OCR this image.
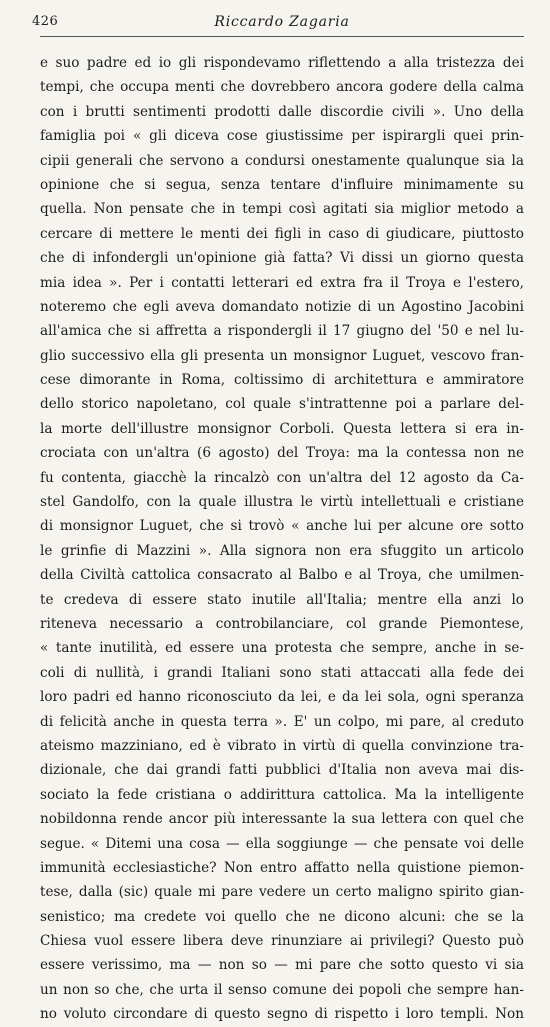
426	Riccardo Zagaria
e suo padre ed io gli rispondevamo riflettendo a alla tristezza dei
tempi, che occupa menti che dovrebbero ancora godere della calma
con i brutti sentimenti prodotti dalle discordie civili ». Uno della
famiglia poi « gli diceva cose giustissime per ispirargli quei prin-
cipii generali che servono a condursi onestamente qualunque sia la
opinione che si segua, senza tentare d'influire minimamente su
quella. Non pensate che in tempi così agitati sia miglior metodo a
cercare di mettere le menti dei figli in caso di giudicare, piuttosto
che di infondergli un'opinione già fatta? Vi dissi un giorno questa
mia idea ». Per i contatti letterari ed extra fra il Troya e l'estero,
noteremo che egli aveva domandato notizie di un Agostino Jacobini
all'amica che si affretta a rispondergli il 17 giugno del '50 e nel lu-
glio successivo ella gli presenta un monsignor Luguet, vescovo fran-
cese dimorante in Roma, coltissimo di architettura e ammiratore
dello storico napoletano, col quale s'intrattenne poi a parlare del-
la morte dell'illustre monsignor Corboli. Questa lettera si era in-
crociata con un'altra (6 agosto) del Troya: ma la contessa non ne
fu contenta, giacchè la rincalzò con un'altra del 12 agosto da Ca-
stel Gandolfo, con la quale illustra le virtù intellettuali e cristiane
di monsignor Luguet, che si trovò « anche lui per alcune ore sotto
le grinfie di Mazzini ». Alla signora non era sfuggito un articolo
della Civiltà cattolica consacrato al Balbo e al Troya, che umilmen-
te credeva di essere stato inutile all'Italia; mentre ella anzi lo
riteneva necessario a controbilanciare, col grande Piemontese,
« tante inutilità, ed essere una protesta che sempre, anche in se-
coli di nullità, i grandi Italiani sono stati attaccati alla fede dei
loro padri ed hanno riconosciuto da lei, e da lei sola, ogni speranza
di felicità anche in questa terra ». E' un colpo, mi pare, al creduto
ateismo mazziniano, ed è vibrato in virtù di quella convinzione tra-
dizionale, che dai grandi fatti pubblici d'Italia non aveva mai dis-
sociato la fede cristiana o addirittura cattolica. Ma la intelligente
nobildonna rende ancor più interessante la sua lettera con quel che
segue. « Ditemi una cosa — ella soggiunge — che pensate voi delle
immunità ecclesiastiche? Non entro affatto nella quistione piemon-
tese, dalla (sic) quale mi pare vedere un certo maligno spirito gian-
senistico; ma credete voi quello che ne dicono alcuni: che se la
Chiesa vuol essere libera deve rinunziare ai privilegi? Questo può
essere verissimo, ma — non so — mi pare che sotto questo vi sia
un non so che, che urta il senso comune dei popoli che sempre han-
no voluto circondare di questo segno di rispetto i loro templi. Non
